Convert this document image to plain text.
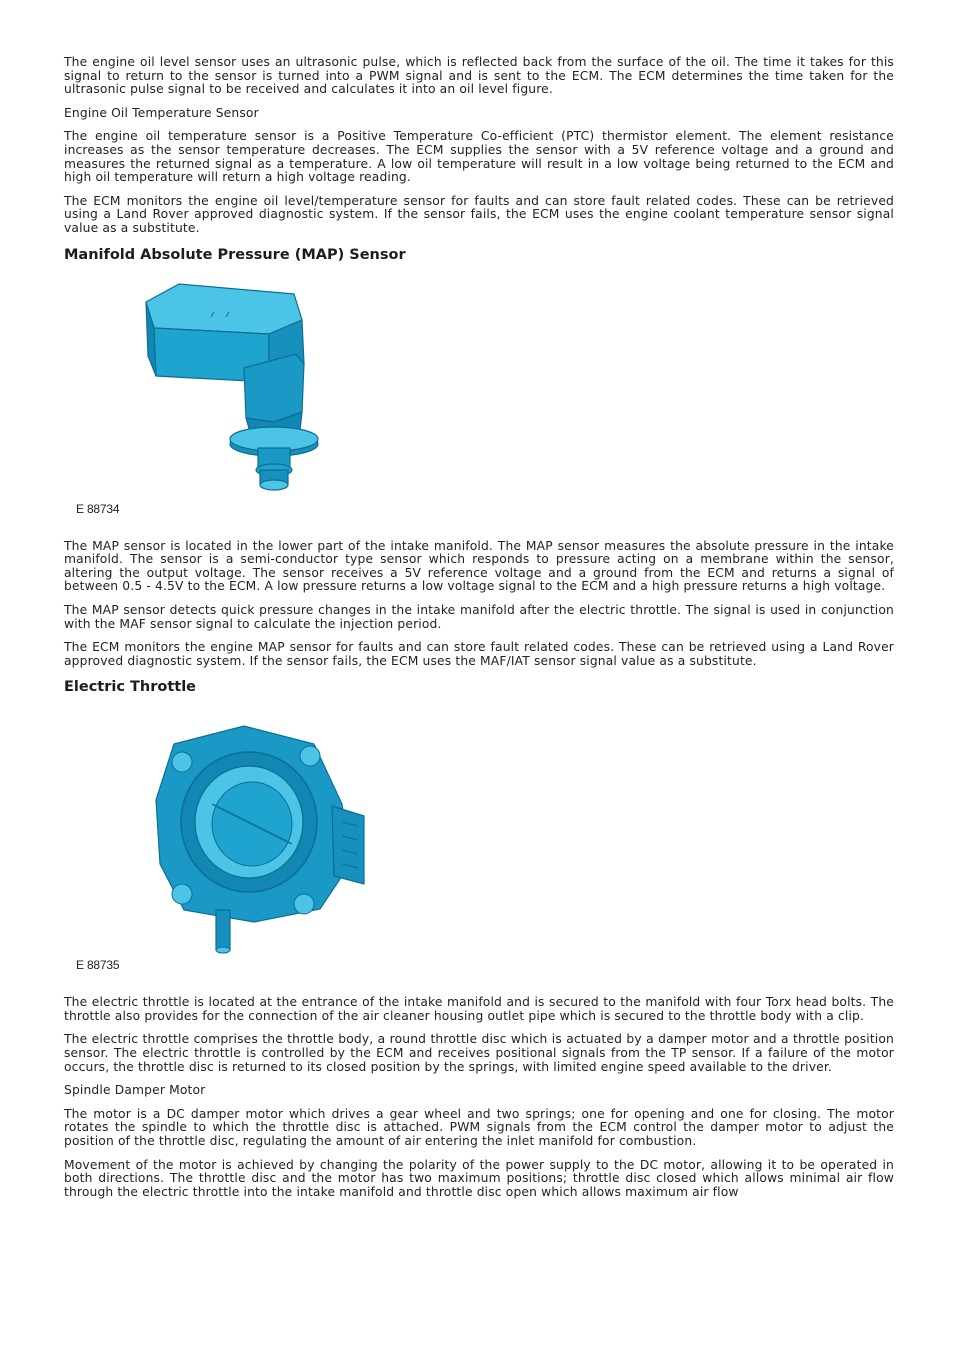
The engine oil level sensor uses an ultrasonic pulse, which is reflected back from the surface of the oil. The time it takes for this signal to return to the sensor is turned into a PWM signal and is sent to the ECM. The ECM determines the time taken for the ultrasonic pulse signal to be received and calculates it into an oil level figure.

Engine Oil Temperature Sensor

The engine oil temperature sensor is a Positive Temperature Co-efficient (PTC) thermistor element. The element resistance increases as the sensor temperature decreases. The ECM supplies the sensor with a 5V reference voltage and a ground and measures the returned signal as a temperature. A low oil temperature will result in a low voltage being returned to the ECM and high oil temperature will return a high voltage reading.

The ECM monitors the engine oil level/temperature sensor for faults and can store fault related codes. These can be retrieved using a Land Rover approved diagnostic system. If the sensor fails, the ECM uses the engine coolant temperature sensor signal value as a substitute.

Manifold Absolute Pressure (MAP) Sensor
E 88734

The MAP sensor is located in the lower part of the intake manifold. The MAP sensor measures the absolute pressure in the intake manifold. The sensor is a semi-conductor type sensor which responds to pressure acting on a membrane within the sensor, altering the output voltage. The sensor receives a 5V reference voltage and a ground from the ECM and returns a signal of between 0.5 - 4.5V to the ECM. A low pressure returns a low voltage signal to the ECM and a high pressure returns a high voltage.

The MAP sensor detects quick pressure changes in the intake manifold after the electric throttle. The signal is used in conjunction with the MAF sensor signal to calculate the injection period.

The ECM monitors the engine MAP sensor for faults and can store fault related codes. These can be retrieved using a Land Rover approved diagnostic system. If the sensor fails, the ECM uses the MAF/IAT sensor signal value as a substitute.

Electric Throttle
E 88735

The electric throttle is located at the entrance of the intake manifold and is secured to the manifold with four Torx head bolts. The throttle also provides for the connection of the air cleaner housing outlet pipe which is secured to the throttle body with a clip.

The electric throttle comprises the throttle body, a round throttle disc which is actuated by a damper motor and a throttle position sensor. The electric throttle is controlled by the ECM and receives positional signals from the TP sensor. If a failure of the motor occurs, the throttle disc is returned to its closed position by the springs, with limited engine speed available to the driver.

Spindle Damper Motor

The motor is a DC damper motor which drives a gear wheel and two springs; one for opening and one for closing. The motor rotates the spindle to which the throttle disc is attached. PWM signals from the ECM control the damper motor to adjust the position of the throttle disc, regulating the amount of air entering the inlet manifold for combustion.

Movement of the motor is achieved by changing the polarity of the power supply to the DC motor, allowing it to be operated in both directions. The throttle disc and the motor has two maximum positions; throttle disc closed which allows minimal air flow through the electric throttle into the intake manifold and throttle disc open which allows maximum air flow
